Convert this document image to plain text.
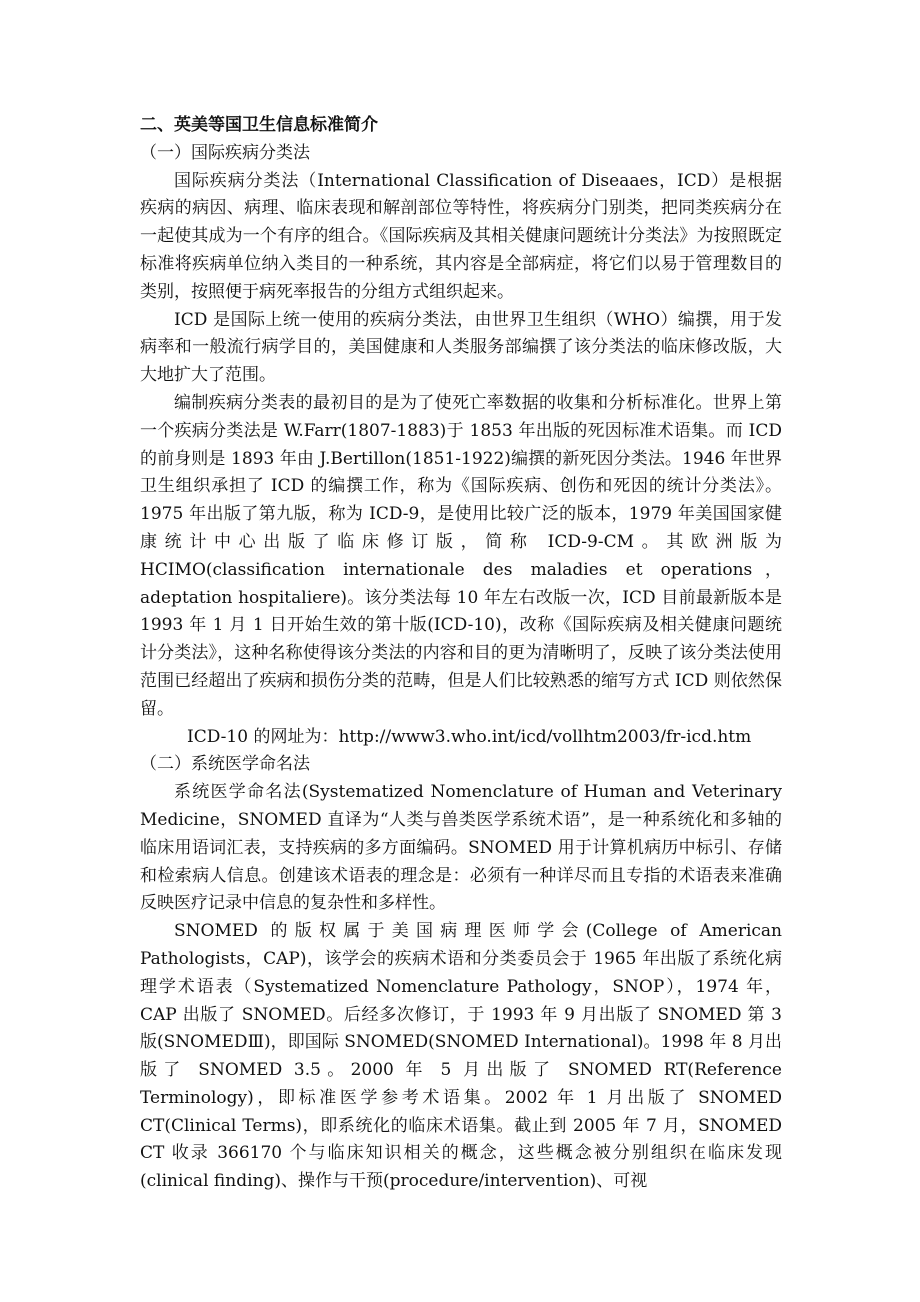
二、英美等国卫生信息标准简介

（一）国际疾病分类法

国际疾病分类法（International Classification of Diseaaes，ICD）是根据疾病的病因、病理、临床表现和解剖部位等特性，将疾病分门别类，把同类疾病分在一起使其成为一个有序的组合。《国际疾病及其相关健康问题统计分类法》为按照既定标准将疾病单位纳入类目的一种系统，其内容是全部病症，将它们以易于管理数目的类别，按照便于病死率报告的分组方式组织起来。

ICD 是国际上统一使用的疾病分类法，由世界卫生组织（WHO）编撰，用于发病率和一般流行病学目的，美国健康和人类服务部编撰了该分类法的临床修改版，大大地扩大了范围。

编制疾病分类表的最初目的是为了使死亡率数据的收集和分析标准化。世界上第一个疾病分类法是 W.Farr(1807-1883)于 1853 年出版的死因标准术语集。而 ICD 的前身则是 1893 年由 J.Bertillon(1851-1922)编撰的新死因分类法。1946 年世界卫生组织承担了 ICD 的编撰工作，称为《国际疾病、创伤和死因的统计分类法》。1975 年出版了第九版，称为 ICD-9，是使用比较广泛的版本，1979 年美国国家健康统计中心出版了临床修订版，简称 ICD-9-CM。其欧洲版为 HCIMO(classification internationale des maladies et operations，adeptation hospitaliere)。该分类法每 10 年左右改版一次，ICD 目前最新版本是 1993 年 1 月 1 日开始生效的第十版(ICD-10)，改称《国际疾病及相关健康问题统计分类法》，这种名称使得该分类法的内容和目的更为清晰明了，反映了该分类法使用范围已经超出了疾病和损伤分类的范畴，但是人们比较熟悉的缩写方式 ICD 则依然保留。

ICD-10 的网址为：http://www3.who.int/icd/vollhtm2003/fr-icd.htm

（二）系统医学命名法

系统医学命名法(Systematized Nomenclature of Human and Veterinary Medicine，SNOMED 直译为“人类与兽类医学系统术语”，是一种系统化和多轴的临床用语词汇表，支持疾病的多方面编码。SNOMED 用于计算机病历中标引、存储和检索病人信息。创建该术语表的理念是：必须有一种详尽而且专指的术语表来准确反映医疗记录中信息的复杂性和多样性。

SNOMED 的版权属于美国病理医师学会(College of American Pathologists，CAP)，该学会的疾病术语和分类委员会于 1965 年出版了系统化病理学术语表（Systematized Nomenclature Pathology，SNOP），1974 年，CAP 出版了 SNOMED。后经多次修订，于 1993 年 9 月出版了 SNOMED 第 3 版(SNOMEDⅢ)，即国际 SNOMED(SNOMED International)。1998 年 8 月出版了 SNOMED 3.5。2000 年 5 月出版了 SNOMED RT(Reference Terminology)，即标准医学参考术语集。2002 年 1 月出版了 SNOMED CT(Clinical Terms)，即系统化的临床术语集。截止到 2005 年 7 月，SNOMED CT 收录 366170 个与临床知识相关的概念，这些概念被分别组织在临床发现(clinical finding)、操作与干预(procedure/intervention)、可视
